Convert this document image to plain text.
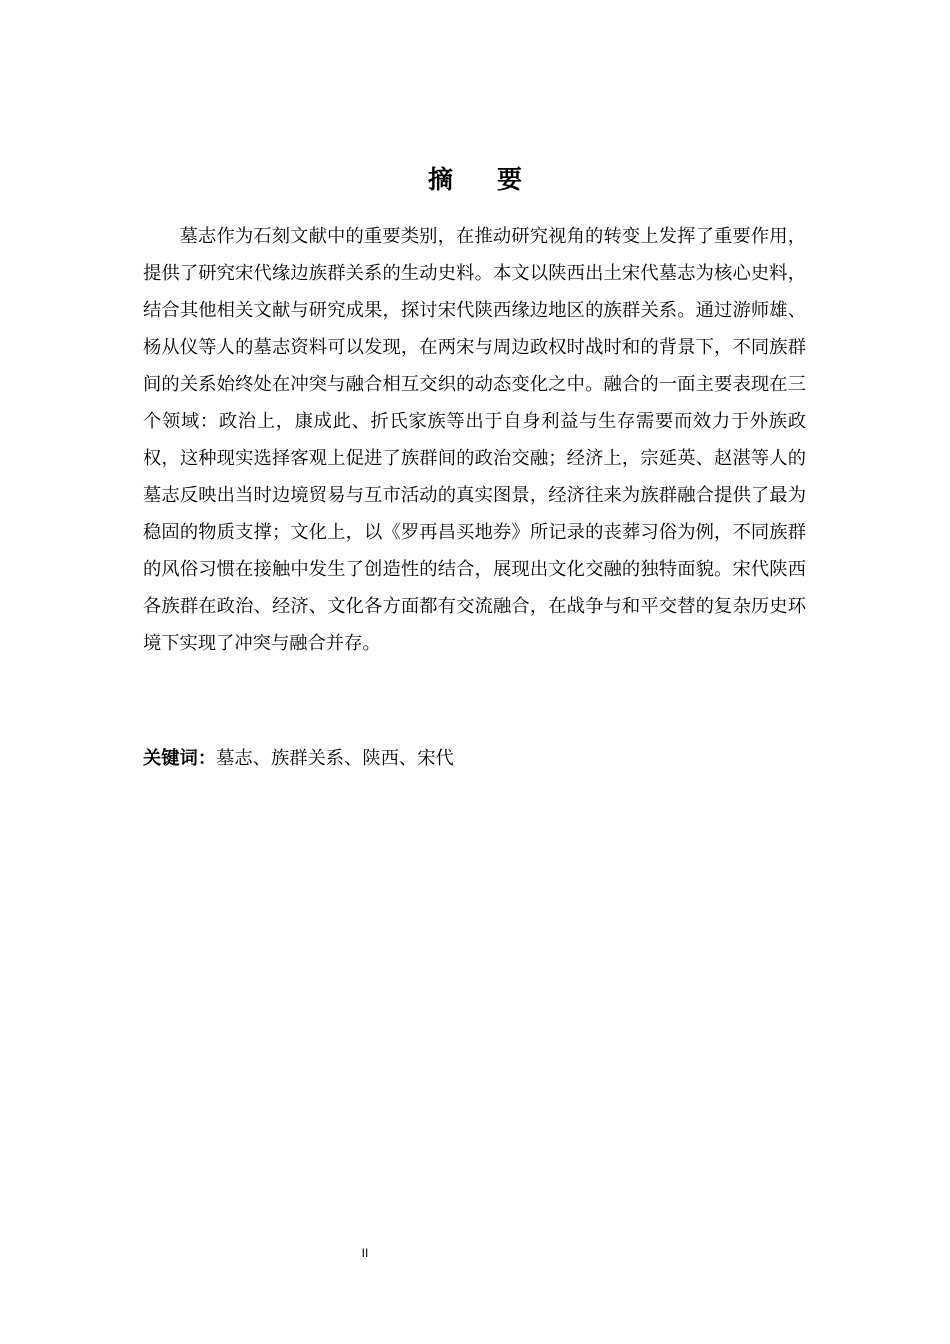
摘 要

墓志作为石刻文献中的重要类别，在推动研究视角的转变上发挥了重要作用，提供了研究宋代缘边族群关系的生动史料。本文以陕西出土宋代墓志为核心史料，结合其他相关文献与研究成果，探讨宋代陕西缘边地区的族群关系。通过游师雄、杨从仪等人的墓志资料可以发现，在两宋与周边政权时战时和的背景下，不同族群间的关系始终处在冲突与融合相互交织的动态变化之中。融合的一面主要表现在三个领域：政治上，康成此、折氏家族等出于自身利益与生存需要而效力于外族政权，这种现实选择客观上促进了族群间的政治交融；经济上，宗延英、赵湛等人的墓志反映出当时边境贸易与互市活动的真实图景，经济往来为族群融合提供了最为稳固的物质支撑；文化上，以《罗再昌买地券》所记录的丧葬习俗为例，不同族群的风俗习惯在接触中发生了创造性的结合，展现出文化交融的独特面貌。宋代陕西各族群在政治、经济、文化各方面都有交流融合，在战争与和平交替的复杂历史环境下实现了冲突与融合并存。

关键词：墓志、族群关系、陕西、宋代
II
